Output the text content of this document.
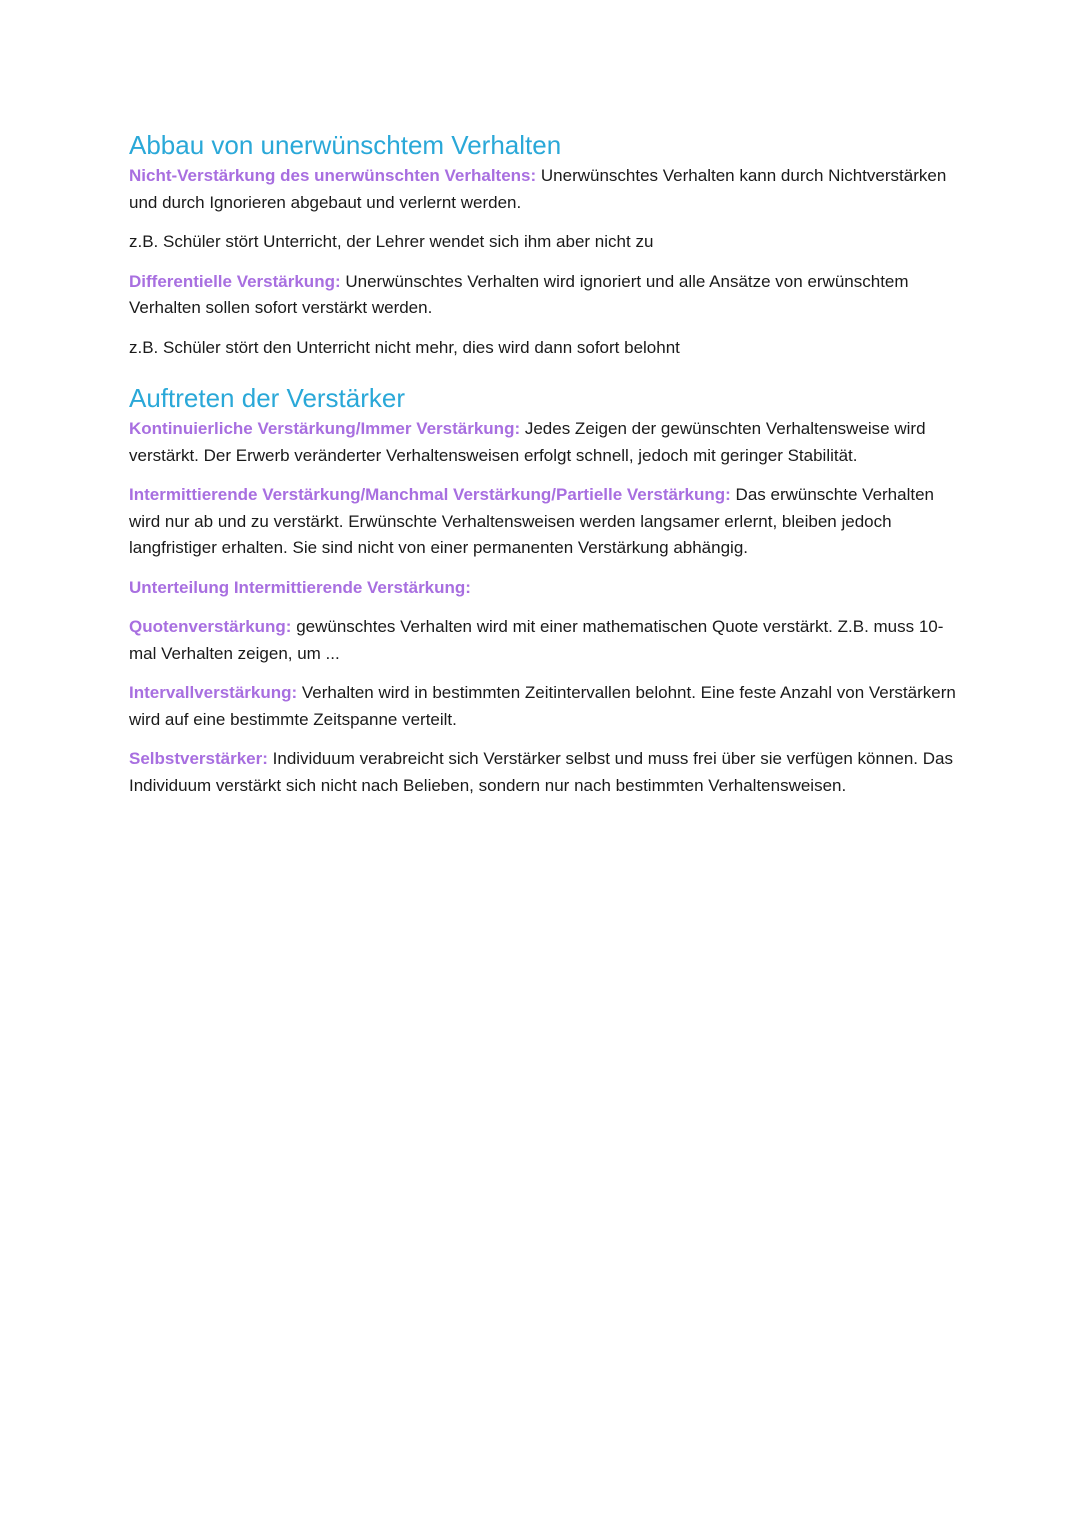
Abbau von unerwünschtem Verhalten

Nicht-Verstärkung des unerwünschten Verhaltens: Unerwünschtes Verhalten kann durch Nichtverstärken und durch Ignorieren abgebaut und verlernt werden.

z.B. Schüler stört Unterricht, der Lehrer wendet sich ihm aber nicht zu

Differentielle Verstärkung: Unerwünschtes Verhalten wird ignoriert und alle Ansätze von erwünschtem Verhalten sollen sofort verstärkt werden.

z.B. Schüler stört den Unterricht nicht mehr, dies wird dann sofort belohnt

Auftreten der Verstärker

Kontinuierliche Verstärkung/Immer Verstärkung: Jedes Zeigen der gewünschten Verhaltensweise wird verstärkt. Der Erwerb veränderter Verhaltensweisen erfolgt schnell, jedoch mit geringer Stabilität.

Intermittierende Verstärkung/Manchmal Verstärkung/Partielle Verstärkung: Das erwünschte Verhalten wird nur ab und zu verstärkt. Erwünschte Verhaltensweisen werden langsamer erlernt, bleiben jedoch langfristiger erhalten. Sie sind nicht von einer permanenten Verstärkung abhängig.

Unterteilung Intermittierende Verstärkung:

Quotenverstärkung: gewünschtes Verhalten wird mit einer mathematischen Quote verstärkt. Z.B. muss 10-mal Verhalten zeigen, um ...

Intervallverstärkung: Verhalten wird in bestimmten Zeitintervallen belohnt. Eine feste Anzahl von Verstärkern wird auf eine bestimmte Zeitspanne verteilt.

Selbstverstärker: Individuum verabreicht sich Verstärker selbst und muss frei über sie verfügen können. Das Individuum verstärkt sich nicht nach Belieben, sondern nur nach bestimmten Verhaltensweisen.
